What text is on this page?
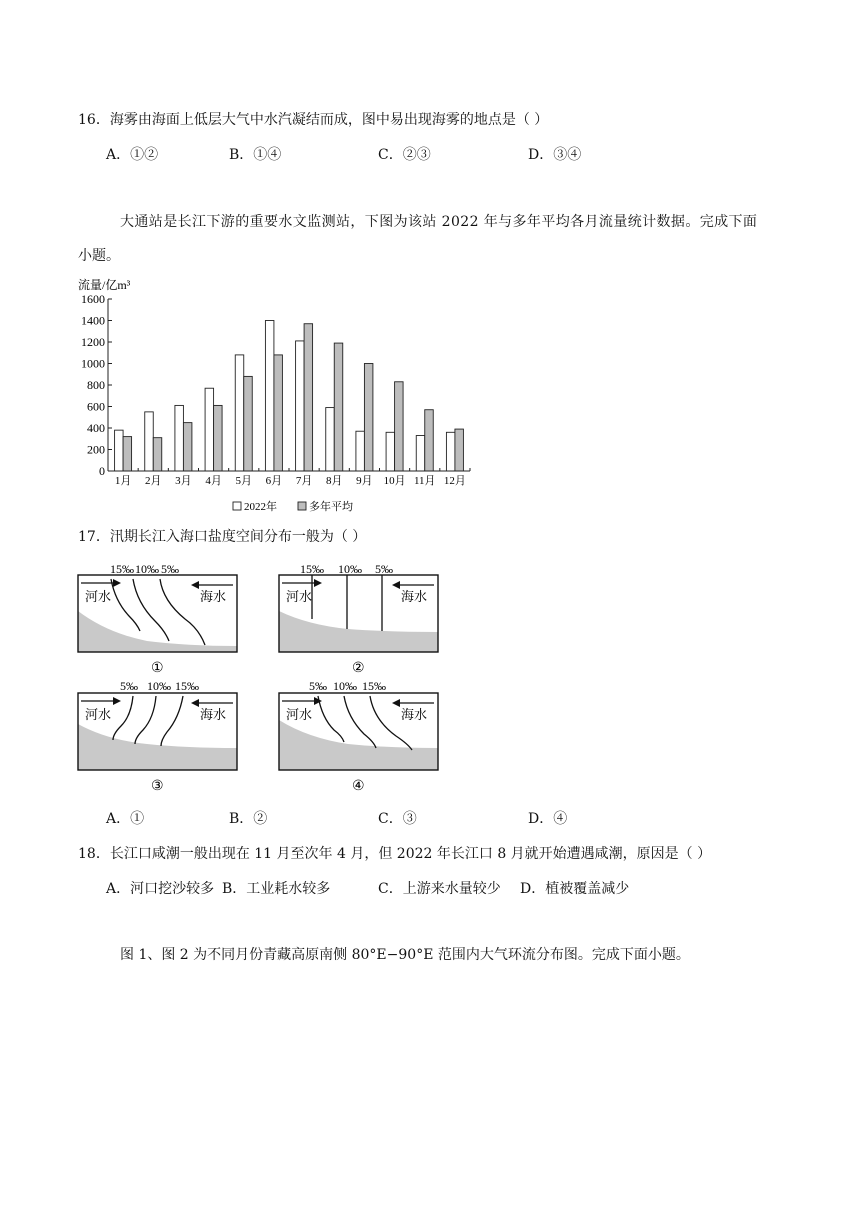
16．海雾由海面上低层大气中水汽凝结而成，图中易出现海雾的地点是（ ）
A．①②	B．①④	C．②③	D．③④
大通站是长江下游的重要水文监测站，下图为该站 2022 年与多年平均各月流量统计数据。完成下面
小题。
流量/亿m³
0
200
400
600
800
1000
1200
1400
1600
1月 2月 3月 4月 5月 6月 7月 8月 9月 10月 11月 12月
2022年	多年平均
17．汛期长江入海口盐度空间分布一般为（ ）
15‰ 10‰ 5‰
河水	海水
①
15‰ 10‰ 5‰
河水	海水
②
5‰ 10‰ 15‰
河水	海水
③
5‰ 10‰ 15‰
河水	海水
④
A．①	B．②	C．③	D．④
18．长江口咸潮一般出现在 11 月至次年 4 月，但 2022 年长江口 8 月就开始遭遇咸潮，原因是（ ）
A．河口挖沙较多 B．工业耗水较多	C．上游来水量较少 D．植被覆盖减少
图 1、图 2 为不同月份青藏高原南侧 80°E−90°E 范围内大气环流分布图。完成下面小题。
